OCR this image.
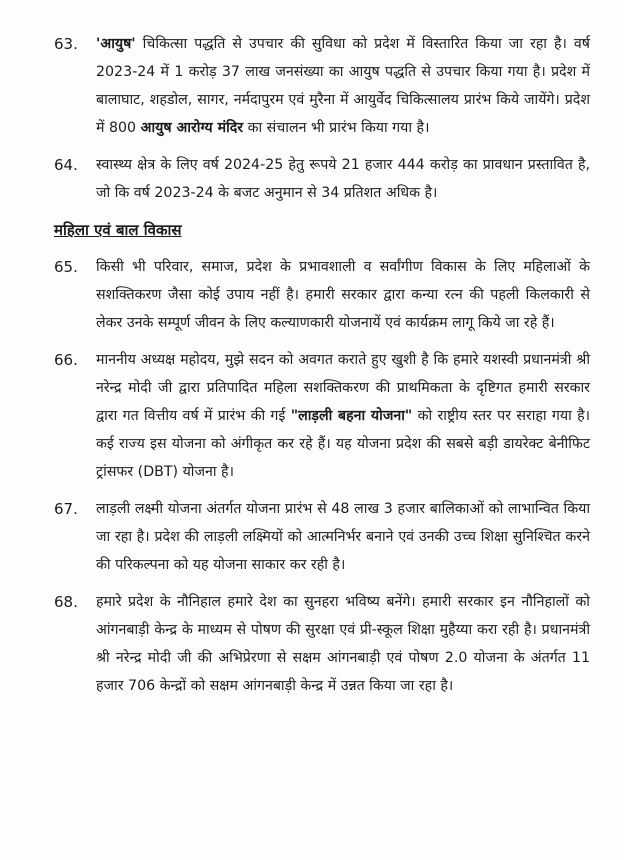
63.	'आयुष' चिकित्सा पद्धति से उपचार की सुविधा को प्रदेश में विस्तारित किया जा रहा है। वर्ष 2023-24 में 1 करोड़ 37 लाख जनसंख्या का आयुष पद्धति से उपचार किया गया है। प्रदेश में बालाघाट, शहडोल, सागर, नर्मदापुरम एवं मुरैना में आयुर्वेद चिकित्सालय प्रारंभ किये जायेंगे। प्रदेश में 800 आयुष आरोग्य मंदिर का संचालन भी प्रारंभ किया गया है।
64.	स्वास्थ्य क्षेत्र के लिए वर्ष 2024-25 हेतु रूपये 21 हजार 444 करोड़ का प्रावधान प्रस्तावित है, जो कि वर्ष 2023-24 के बजट अनुमान से 34 प्रतिशत अधिक है।
महिला एवं बाल विकास
65.	किसी भी परिवार, समाज, प्रदेश के प्रभावशाली व सर्वांगीण विकास के लिए महिलाओं के सशक्तिकरण जैसा कोई उपाय नहीं है। हमारी सरकार द्वारा कन्या रत्न की पहली किलकारी से लेकर उनके सम्पूर्ण जीवन के लिए कल्याणकारी योजनायें एवं कार्यक्रम लागू किये जा रहे हैं।
66.	माननीय अध्यक्ष महोदय, मुझे सदन को अवगत कराते हुए खुशी है कि हमारे यशस्वी प्रधानमंत्री श्री नरेन्द्र मोदी जी द्वारा प्रतिपादित महिला सशक्तिकरण की प्राथमिकता के दृष्टिगत हमारी सरकार द्वारा गत वित्तीय वर्ष में प्रारंभ की गई "लाड़ली बहना योजना" को राष्ट्रीय स्तर पर सराहा गया है। कई राज्य इस योजना को अंगीकृत कर रहे हैं। यह योजना प्रदेश की सबसे बड़ी डायरेक्ट बेनीफिट ट्रांसफर (DBT) योजना है।
67.	लाड़ली लक्ष्मी योजना अंतर्गत योजना प्रारंभ से 48 लाख 3 हजार बालिकाओं को लाभान्वित किया जा रहा है। प्रदेश की लाड़ली लक्ष्मियों को आत्मनिर्भर बनाने एवं उनकी उच्च शिक्षा सुनिश्चित करने की परिकल्पना को यह योजना साकार कर रही है।
68.	हमारे प्रदेश के नौनिहाल हमारे देश का सुनहरा भविष्य बनेंगे। हमारी सरकार इन नौनिहालों को आंगनबाड़ी केन्द्र के माध्यम से पोषण की सुरक्षा एवं प्री-स्कूल शिक्षा मुहैय्या करा रही है। प्रधानमंत्री श्री नरेन्द्र मोदी जी की अभिप्रेरणा से सक्षम आंगनबाड़ी एवं पोषण 2.0 योजना के अंतर्गत 11 हजार 706 केन्द्रों को सक्षम आंगनबाड़ी केन्द्र में उन्नत किया जा रहा है।
